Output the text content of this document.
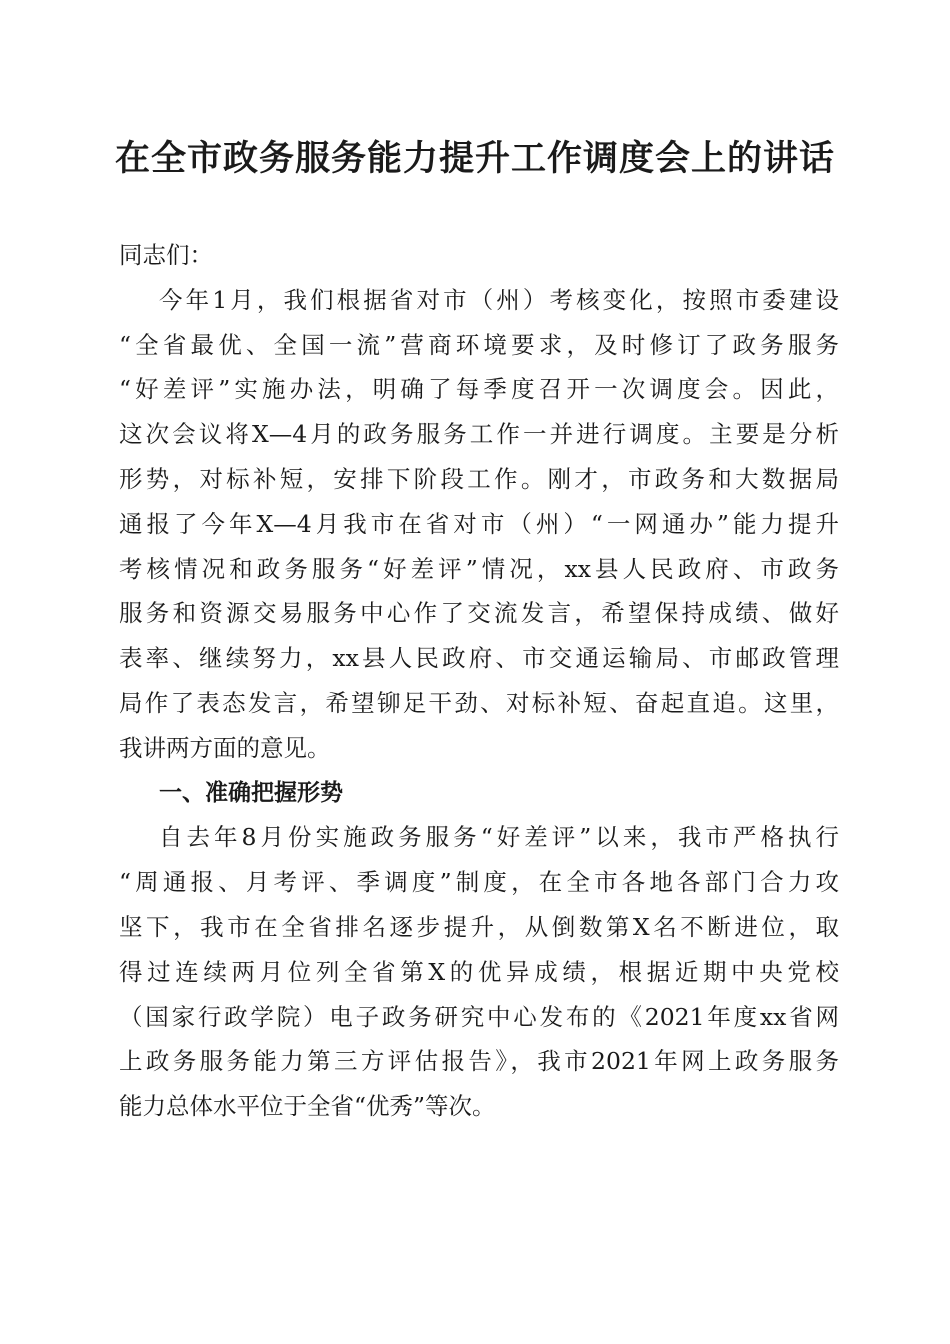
在全市政务服务能力提升工作调度会上的讲话
同志们：
今年1月，我们根据省对市（州）考核变化，按照市委建设
“全省最优、全国一流”营商环境要求，及时修订了政务服务
“好差评”实施办法，明确了每季度召开一次调度会。因此，
这次会议将X—4月的政务服务工作一并进行调度。主要是分析
形势，对标补短，安排下阶段工作。刚才，市政务和大数据局
通报了今年X—4月我市在省对市（州）“一网通办”能力提升
考核情况和政务服务“好差评”情况，xx县人民政府、市政务
服务和资源交易服务中心作了交流发言，希望保持成绩、做好
表率、继续努力，xx县人民政府、市交通运输局、市邮政管理
局作了表态发言，希望铆足干劲、对标补短、奋起直追。这里，
我讲两方面的意见。
一、准确把握形势
自去年8月份实施政务服务“好差评”以来，我市严格执行
“周通报、月考评、季调度”制度，在全市各地各部门合力攻
坚下，我市在全省排名逐步提升，从倒数第X名不断进位，取
得过连续两月位列全省第X的优异成绩，根据近期中央党校
（国家行政学院）电子政务研究中心发布的《2021年度xx省网
上政务服务能力第三方评估报告》，我市2021年网上政务服务
能力总体水平位于全省“优秀”等次。
